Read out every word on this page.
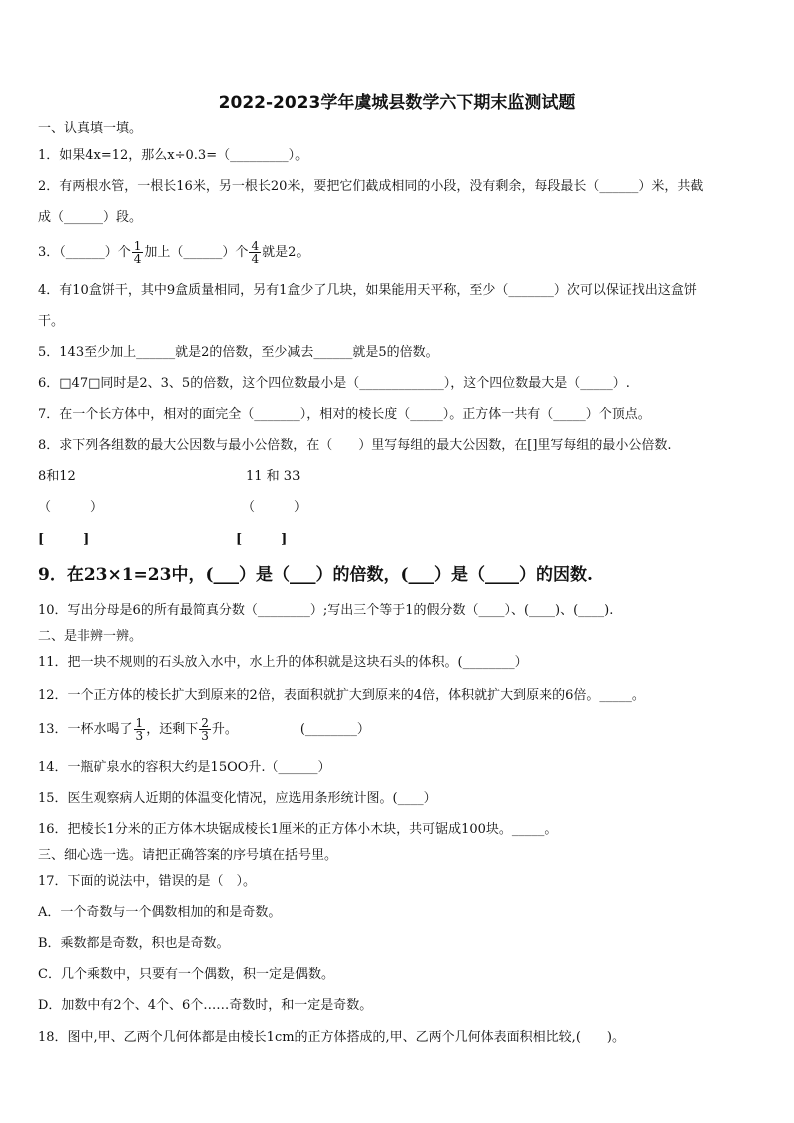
2022-2023学年虞城县数学六下期末监测试题
一、认真填一填。
1．如果4x=12，那么x÷0.3=（_________）。
2．有两根水管，一根长16米，另一根长20米，要把它们截成相同的小段，没有剩余，每段最长（______）米，共截
成（______）段。
3．（______）个 $\frac{1}{4}$ 加上（______）个 $\frac{4}{4}$ 就是2。
4．有10盒饼干，其中9盒质量相同，另有1盒少了几块，如果能用天平称，至少（_______）次可以保证找出这盒饼
干。
5．143至少加上______就是2的倍数，至少减去______就是5的倍数。
6．□47□同时是2、3、5的倍数，这个四位数最小是（_____________），这个四位数最大是（_____）.
7．在一个长方体中，相对的面完全（_______），相对的棱长度（_____）。正方体一共有（_____）个顶点。
8．求下列各组数的最大公因数与最小公倍数，在（　　）里写每组的最大公因数，在[]里写每组的最小公倍数.
8和12	11 和 33
（　　　）	（　　　）
[　　　]	[　　　]
9．在23×1=23中，(___）是（___）的倍数，(___）是（____）的因数.
10．写出分母是6的所有最简真分数（________）;写出三个等于1的假分数（____）、(____)、(____).
二、是非辨一辨。
11．把一块不规则的石头放入水中，水上升的体积就是这块石头的体积。(________）
12．一个正方体的棱长扩大到原来的2倍，表面积就扩大到原来的4倍，体积就扩大到原来的6倍。_____。
13．一杯水喝了 $\frac{1}{3}$ ，还剩下 $\frac{2}{3}$ 升。	(________）
14．一瓶矿泉水的容积大约是15OO升.（______）
15．医生观察病人近期的体温变化情况，应选用条形统计图。(____）
16．把棱长1分米的正方体木块锯成棱长1厘米的正方体小木块，共可锯成100块。_____。
三、细心选一选。请把正确答案的序号填在括号里。
17．下面的说法中，错误的是（　）。
A．一个奇数与一个偶数相加的和是奇数。
B．乘数都是奇数，积也是奇数。
C．几个乘数中，只要有一个偶数，积一定是偶数。
D．加数中有2个、4个、6个……奇数时，和一定是奇数。
18．图中,甲、乙两个几何体都是由棱长1cm的正方体搭成的,甲、乙两个几何体表面积相比较,(　　)。
